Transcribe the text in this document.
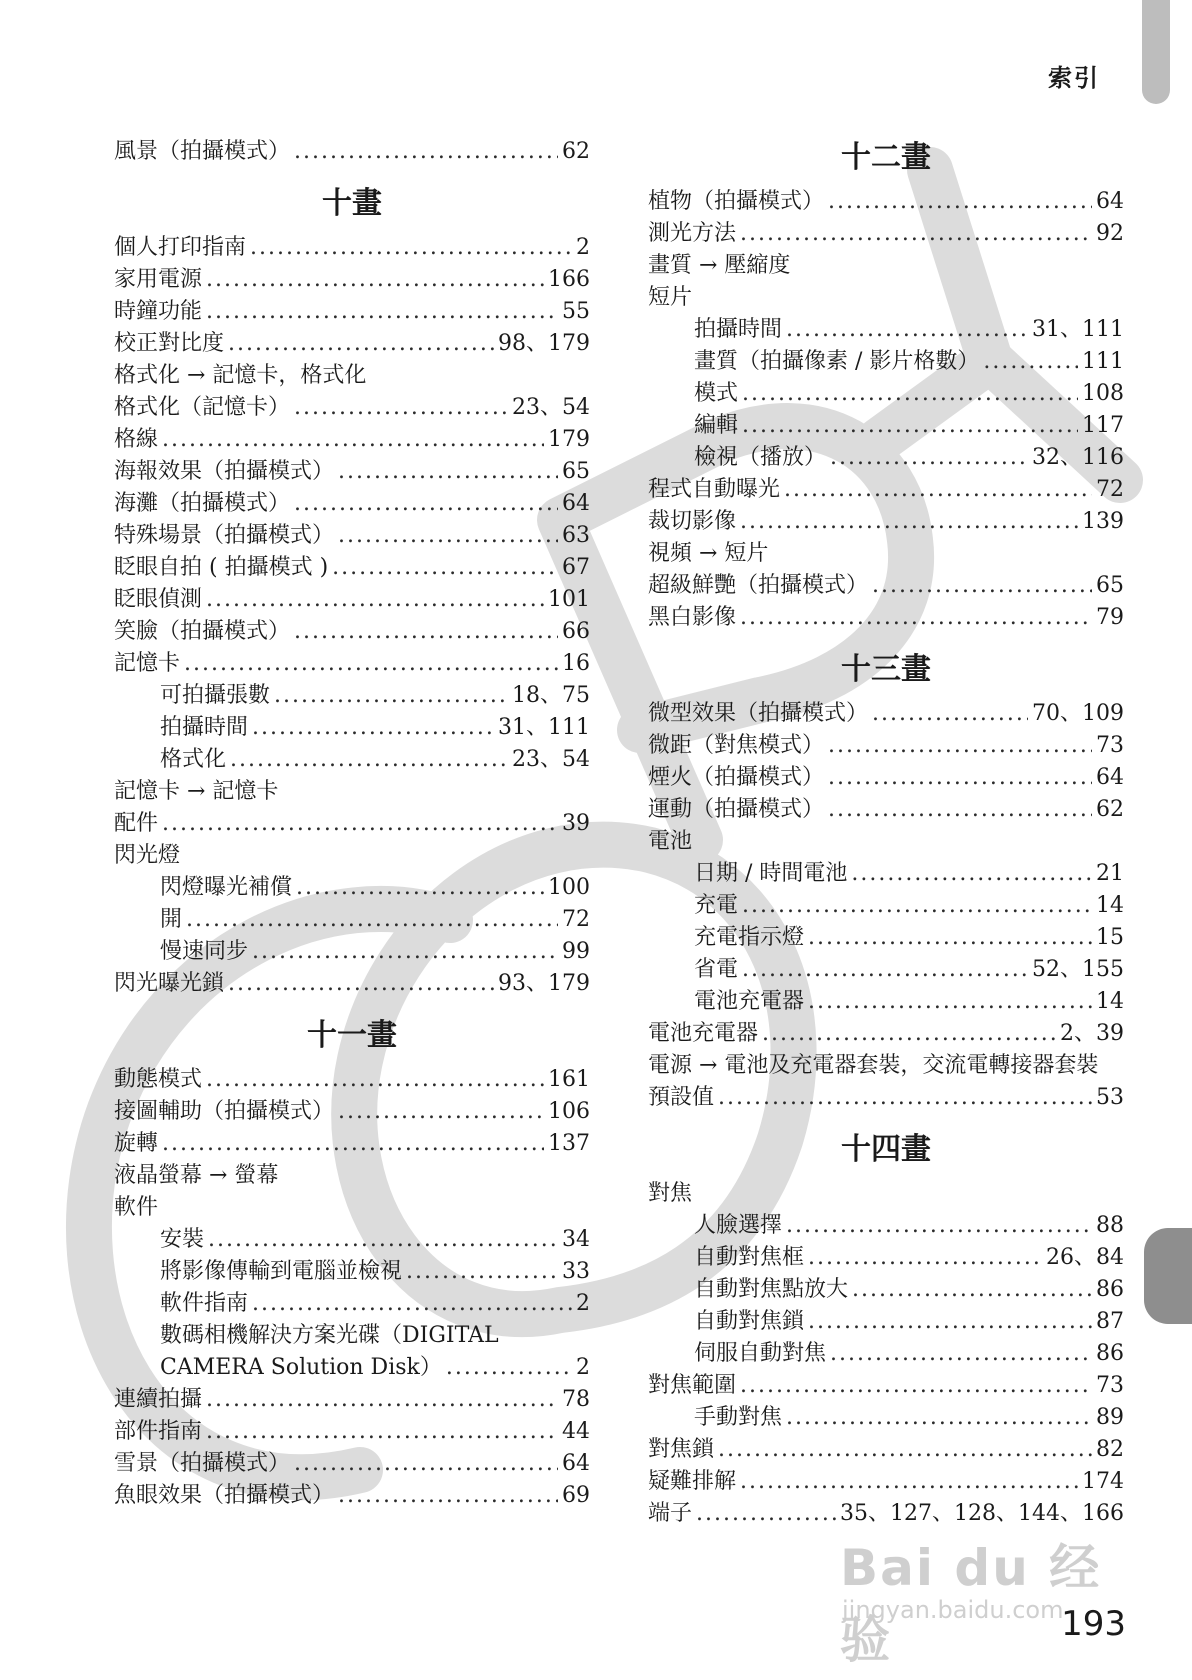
索引
風景（拍攝模式） .....	62
十畫
個人打印指南 .....	2
家用電源 .....	166
時鐘功能 .....	55
校正對比度 .....	98、179
格式化 → 記憶卡，格式化
格式化（記憶卡） .....	23、54
格線 .....	179
海報效果（拍攝模式） .....	65
海灘（拍攝模式） .....	64
特殊場景（拍攝模式） .....	63
眨眼自拍 ( 拍攝模式 ) .....	67
眨眼偵測 .....	101
笑臉（拍攝模式） .....	66
記憶卡 .....	16
可拍攝張數 .....	18、75
拍攝時間 .....	31、111
格式化 .....	23、54
記憶卡 → 記憶卡
配件 .....	39
閃光燈
閃燈曝光補償 .....	100
開 .....	72
慢速同步 .....	99
閃光曝光鎖 .....	93、179
十一畫
動態模式 .....	161
接圖輔助（拍攝模式） .....	106
旋轉 .....	137
液晶螢幕 → 螢幕
軟件
安裝 .....	34
將影像傳輸到電腦並檢視 .....	33
軟件指南 .....	2
數碼相機解決方案光碟（DIGITAL
CAMERA Solution Disk） .....	2
連續拍攝 .....	78
部件指南 .....	44
雪景（拍攝模式） .....	64
魚眼效果（拍攝模式） .....	69
十二畫
植物（拍攝模式） .....	64
測光方法 .....	92
畫質 → 壓縮度
短片
拍攝時間 .....	31、111
畫質（拍攝像素 / 影片格數） .....	111
模式 .....	108
編輯 .....	117
檢視（播放） .....	32、116
程式自動曝光 .....	72
裁切影像 .....	139
視頻 → 短片
超級鮮艷（拍攝模式） .....	65
黑白影像 .....	79
十三畫
微型效果（拍攝模式） .....	70、109
微距（對焦模式） .....	73
煙火（拍攝模式） .....	64
運動（拍攝模式） .....	62
電池
日期 / 時間電池 .....	21
充電 .....	14
充電指示燈 .....	15
省電 .....	52、155
電池充電器 .....	14
電池充電器 .....	2、39
電源 → 電池及充電器套裝，交流電轉接器套裝
預設值 .....	53
十四畫
對焦
人臉選擇 .....	88
自動對焦框 .....	26、84
自動對焦點放大 .....	86
自動對焦鎖 .....	87
伺服自動對焦 .....	86
對焦範圍 .....	73
手動對焦 .....	89
對焦鎖 .....	82
疑難排解 .....	174
端子 .....	35、127、128、144、166
Bai du 经验
jingyan.baidu.com
193
